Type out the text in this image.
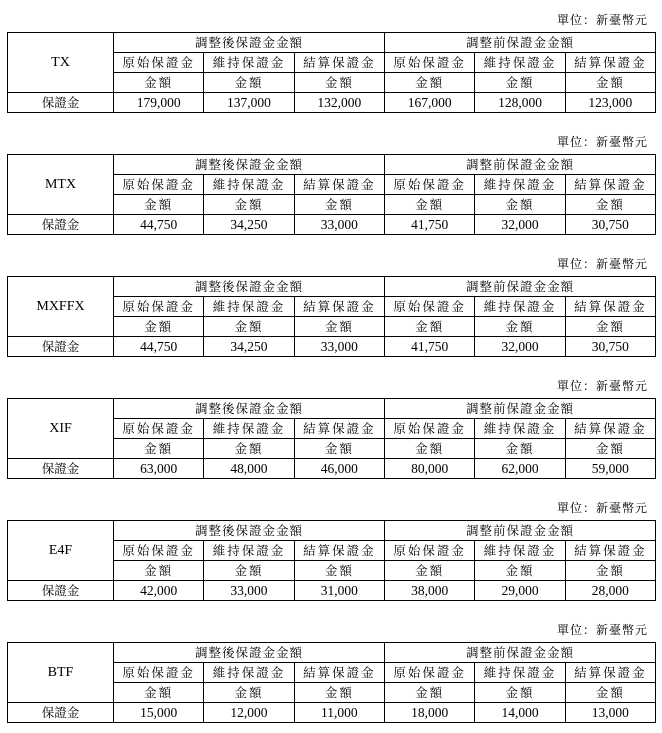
單位：新臺幣元
TX	調整後保證金金額			調整前保證金金額		
	原始保證金	維持保證金	結算保證金	原始保證金	維持保證金	結算保證金
	金額	金額	金額	金額	金額	金額
保證金	179,000	137,000	132,000	167,000	128,000	123,000
單位：新臺幣元
MTX	調整後保證金金額			調整前保證金金額		
	原始保證金	維持保證金	結算保證金	原始保證金	維持保證金	結算保證金
	金額	金額	金額	金額	金額	金額
保證金	44,750	34,250	33,000	41,750	32,000	30,750
單位：新臺幣元
MXFFX	調整後保證金金額			調整前保證金金額		
	原始保證金	維持保證金	結算保證金	原始保證金	維持保證金	結算保證金
	金額	金額	金額	金額	金額	金額
保證金	44,750	34,250	33,000	41,750	32,000	30,750
單位：新臺幣元
XIF	調整後保證金金額			調整前保證金金額		
	原始保證金	維持保證金	結算保證金	原始保證金	維持保證金	結算保證金
	金額	金額	金額	金額	金額	金額
保證金	63,000	48,000	46,000	80,000	62,000	59,000
單位：新臺幣元
E4F	調整後保證金金額			調整前保證金金額		
	原始保證金	維持保證金	結算保證金	原始保證金	維持保證金	結算保證金
	金額	金額	金額	金額	金額	金額
保證金	42,000	33,000	31,000	38,000	29,000	28,000
單位：新臺幣元
BTF	調整後保證金金額			調整前保證金金額		
	原始保證金	維持保證金	結算保證金	原始保證金	維持保證金	結算保證金
	金額	金額	金額	金額	金額	金額
保證金	15,000	12,000	11,000	18,000	14,000	13,000
